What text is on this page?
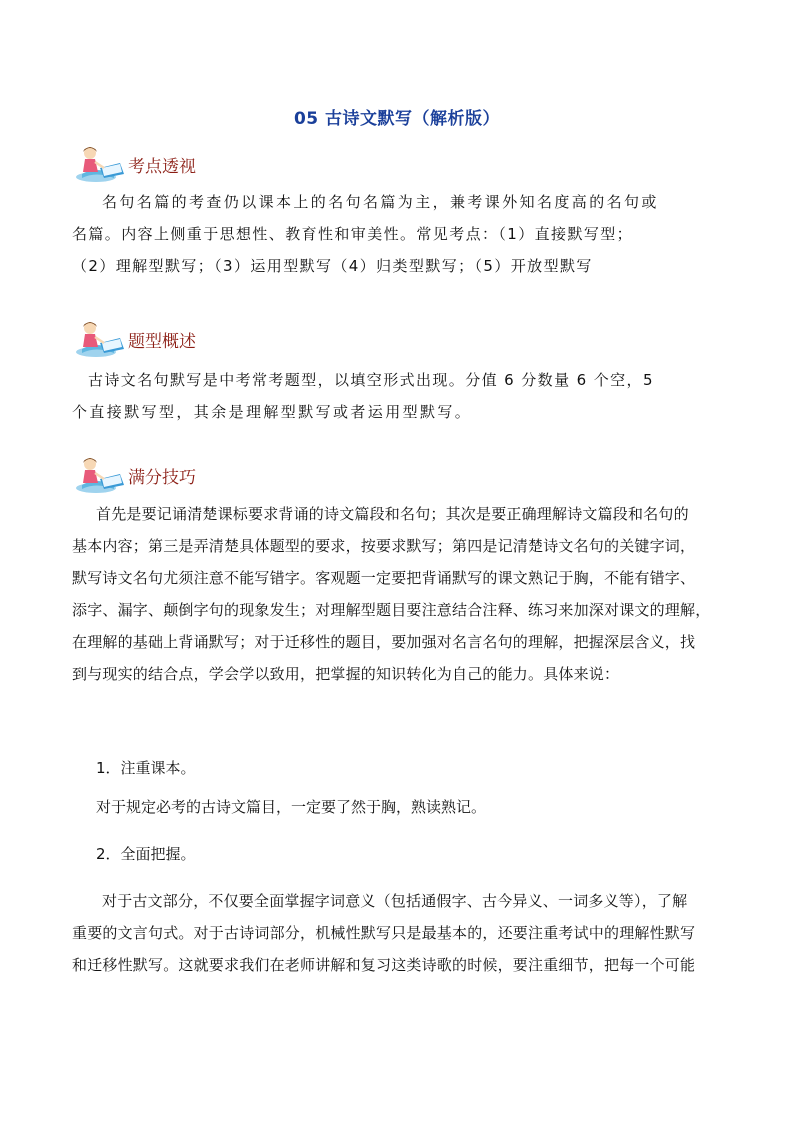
05 古诗文默写（解析版）
考点透视
名句名篇的考查仍以课本上的名句名篇为主，兼考课外知名度高的名句或
名篇。内容上侧重于思想性、教育性和审美性。常见考点：（1）直接默写型；
（2）理解型默写；（3）运用型默写（4）归类型默写；（5）开放型默写
题型概述
古诗文名句默写是中考常考题型，以填空形式出现。分值 6 分数量 6 个空，5
个直接默写型，其余是理解型默写或者运用型默写。
满分技巧
首先是要记诵清楚课标要求背诵的诗文篇段和名句；其次是要正确理解诗文篇段和名句的
基本内容；第三是弄清楚具体题型的要求，按要求默写；第四是记清楚诗文名句的关键字词，
默写诗文名句尤须注意不能写错字。客观题一定要把背诵默写的课文熟记于胸，不能有错字、
添字、漏字、颠倒字句的现象发生；对理解型题目要注意结合注释、练习来加深对课文的理解，
在理解的基础上背诵默写；对于迁移性的题目，要加强对名言名句的理解，把握深层含义，找
到与现实的结合点，学会学以致用，把掌握的知识转化为自己的能力。具体来说：
1．注重课本。
对于规定必考的古诗文篇目，一定要了然于胸，熟读熟记。
2．全面把握。
对于古文部分，不仅要全面掌握字词意义（包括通假字、古今异义、一词多义等），了解
重要的文言句式。对于古诗词部分，机械性默写只是最基本的，还要注重考试中的理解性默写
和迁移性默写。这就要求我们在老师讲解和复习这类诗歌的时候，要注重细节，把每一个可能
